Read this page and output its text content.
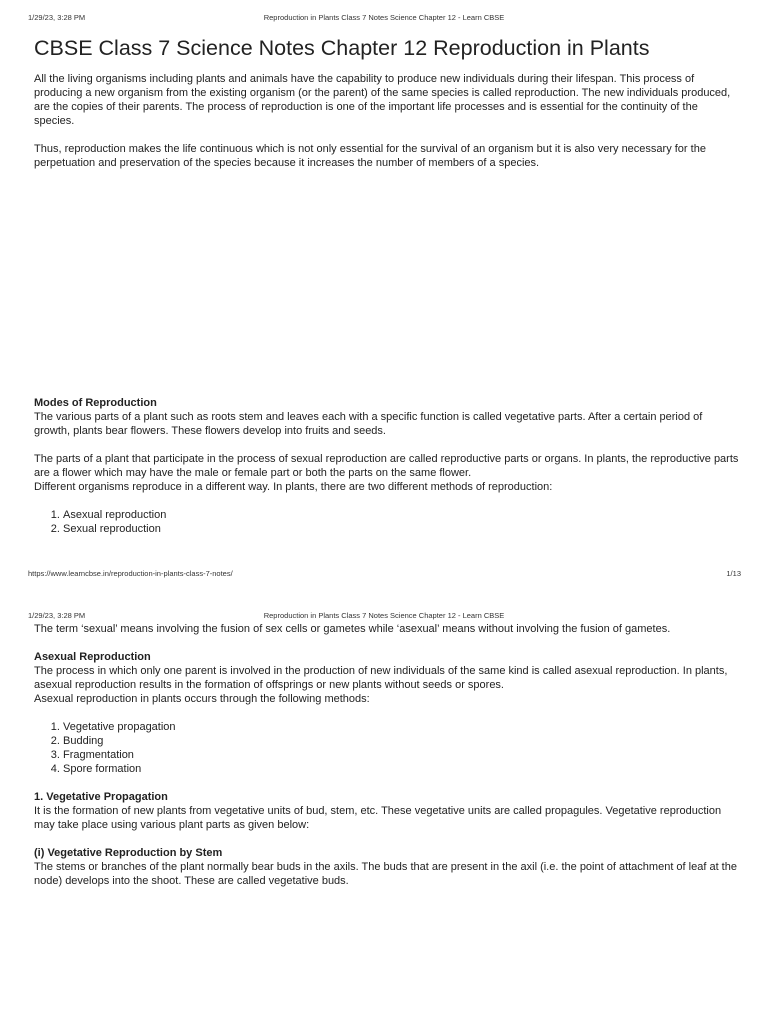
1/29/23, 3:28 PM	Reproduction in Plants Class 7 Notes Science Chapter 12 - Learn CBSE
CBSE Class 7 Science Notes Chapter 12 Reproduction in Plants

All the living organisms including plants and animals have the capability to produce new individuals during their lifespan. This process of producing a new organism from the existing organism (or the parent) of the same species is called reproduction. The new individuals produced, are the copies of their parents. The process of reproduction is one of the important life processes and is essential for the continuity of the species.

Thus, reproduction makes the life continuous which is not only essential for the survival of an organism but it is also very necessary for the perpetuation and preservation of the species because it increases the number of members of a species.

Modes of Reproduction

The various parts of a plant such as roots stem and leaves each with a specific function is called vegetative parts. After a certain period of growth, plants bear flowers. These flowers develop into fruits and seeds.

The parts of a plant that participate in the process of sexual reproduction are called reproductive parts or organs. In plants, the reproductive parts are a flower which may have the male or female part or both the parts on the same flower.

Different organisms reproduce in a different way. In plants, there are two different methods of reproduction:

1. Asexual reproduction
2. Sexual reproduction
https://www.learncbse.in/reproduction-in-plants-class-7-notes/	1/13
1/29/23, 3:28 PM	Reproduction in Plants Class 7 Notes Science Chapter 12 - Learn CBSE

The term ‘sexual’ means involving the fusion of sex cells or gametes while ‘asexual’ means without involving the fusion of gametes.

Asexual Reproduction

The process in which only one parent is involved in the production of new individuals of the same kind is called asexual reproduction. In plants, asexual reproduction results in the formation of offsprings or new plants without seeds or spores.

Asexual reproduction in plants occurs through the following methods:

1. Vegetative propagation
2. Budding
3. Fragmentation
4. Spore formation
1. Vegetative Propagation

It is the formation of new plants from vegetative units of bud, stem, etc. These vegetative units are called propagules. Vegetative reproduction may take place using various plant parts as given below:

(i) Vegetative Reproduction by Stem

The stems or branches of the plant normally bear buds in the axils. The buds that are present in the axil (i.e. the point of attachment of leaf at the node) develops into the shoot. These are called vegetative buds.
